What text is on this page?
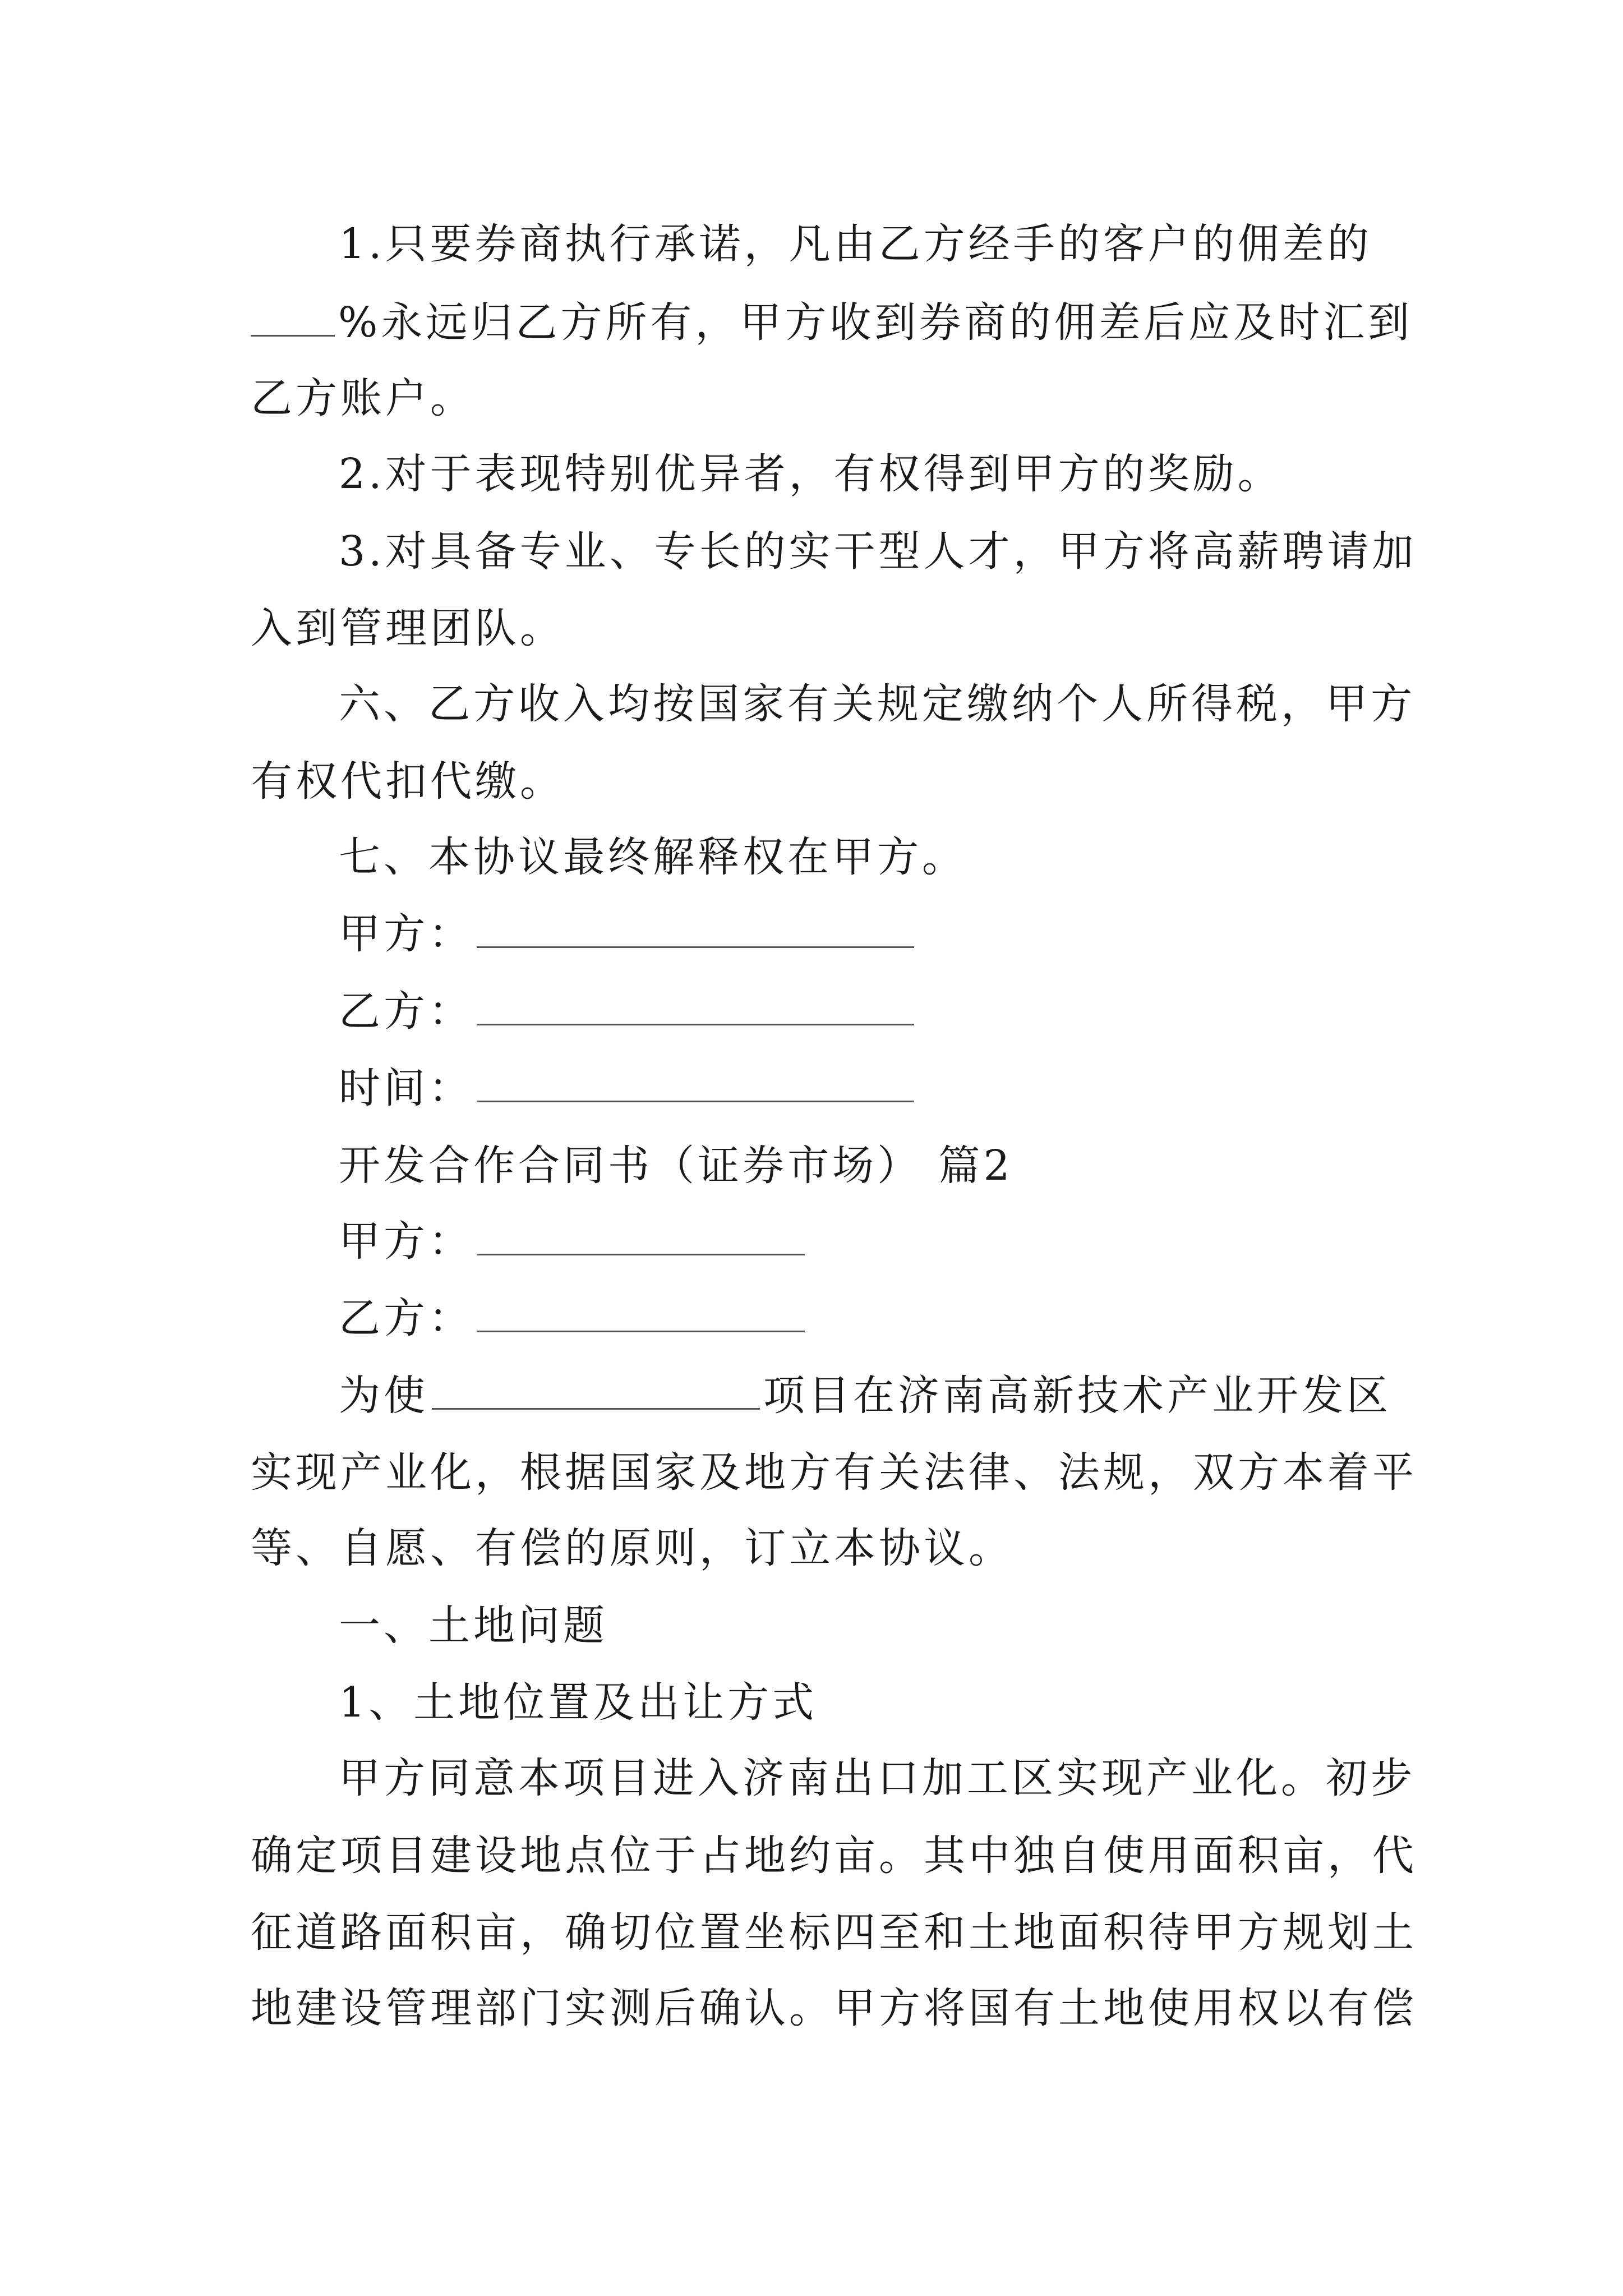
1.只要券商执行承诺，凡由乙方经手的客户的佣差的
%永远归乙方所有，甲方收到券商的佣差后应及时汇到
乙方账户。
2.对于表现特别优异者，有权得到甲方的奖励。
3.对具备专业、专长的实干型人才，甲方将高薪聘请加
入到管理团队。
六、乙方收入均按国家有关规定缴纳个人所得税，甲方
有权代扣代缴。
七、本协议最终解释权在甲方。
甲方：
乙方：
时间：
开发合作合同书（证券市场） 篇2
甲方：
乙方：
为使	项目在济南高新技术产业开发区
实现产业化，根据国家及地方有关法律、法规，双方本着平
等、自愿、有偿的原则，订立本协议。
一、土地问题
1、土地位置及出让方式
甲方同意本项目进入济南出口加工区实现产业化。初步
确定项目建设地点位于占地约亩。其中独自使用面积亩，代
征道路面积亩，确切位置坐标四至和土地面积待甲方规划土
地建设管理部门实测后确认。甲方将国有土地使用权以有偿
